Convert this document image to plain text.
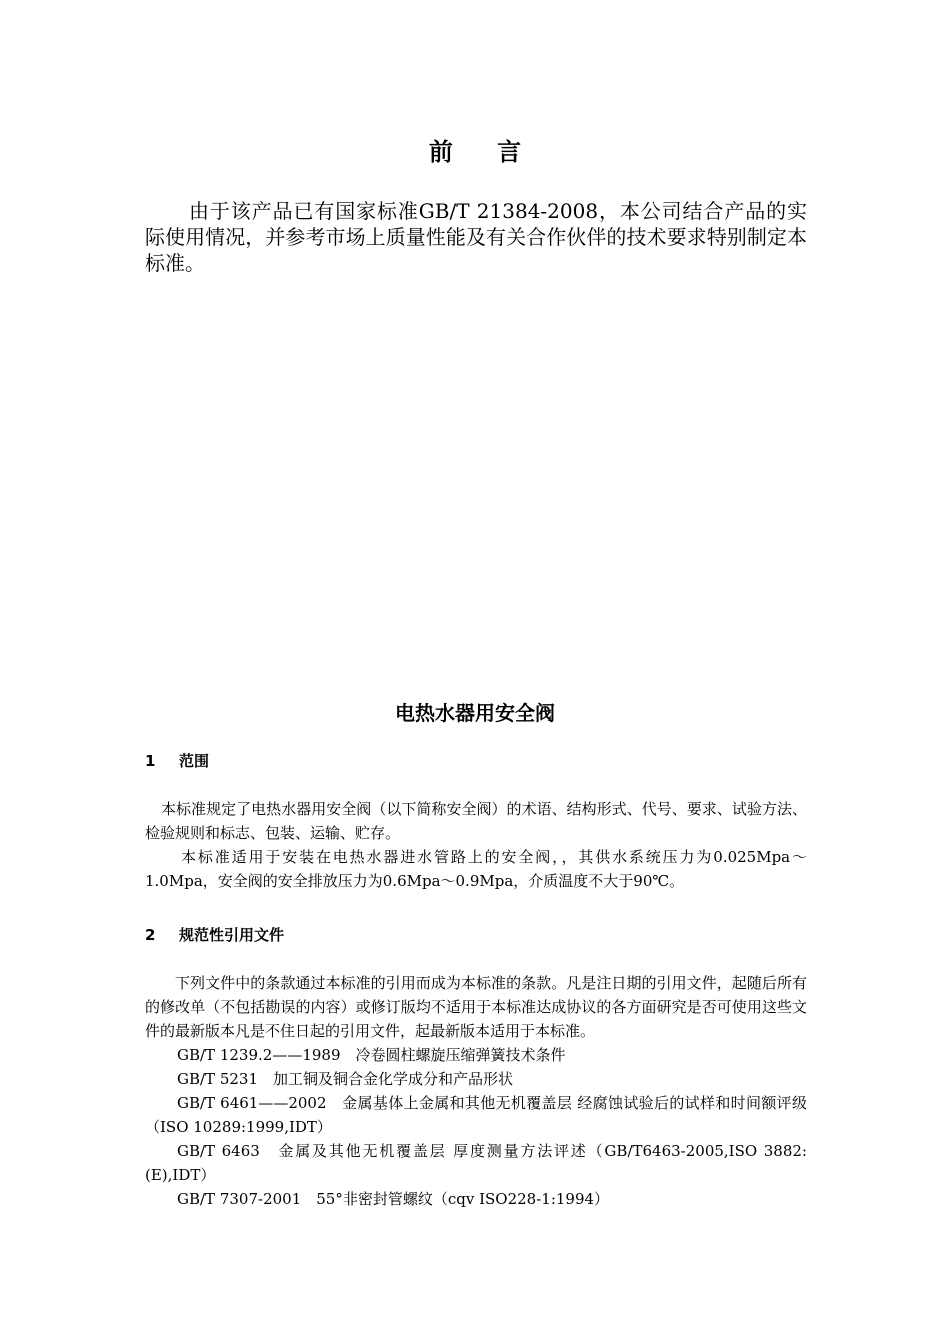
前 言
由于该产品已有国家标准GB/T 21384-2008，本公司结合产品的实际使用情况，并参考市场上质量性能及有关合作伙伴的技术要求特别制定本标准。
电热水器用安全阀
1 范围

本标准规定了电热水器用安全阀（以下简称安全阀）的术语、结构形式、代号、要求、试验方法、检验规则和标志、包装、运输、贮存。

本标准适用于安装在电热水器进水管路上的安全阀，，其供水系统压力为0.025Mpa～1.0Mpa，安全阀的安全排放压力为0.6Mpa～0.9Mpa，介质温度不大于90℃。

2 规范性引用文件

下列文件中的条款通过本标准的引用而成为本标准的条款。凡是注日期的引用文件，起随后所有的修改单（不包括勘误的内容）或修订版均不适用于本标准达成协议的各方面研究是否可使用这些文件的最新版本凡是不住日起的引用文件，起最新版本适用于本标准。

GB/T 1239.2——1989　冷卷圆柱螺旋压缩弹簧技术条件

GB/T 5231　加工铜及铜合金化学成分和产品形状

GB/T 6461——2002　金属基体上金属和其他无机覆盖层 经腐蚀试验后的试样和时间额评级（ISO 10289:1999,IDT）

GB/T 6463　金属及其他无机覆盖层 厚度测量方法评述（GB/T6463-2005,ISO 3882:(E),IDT）

GB/T 7307-2001　55°非密封管螺纹（cqv ISO228-1:1994）
